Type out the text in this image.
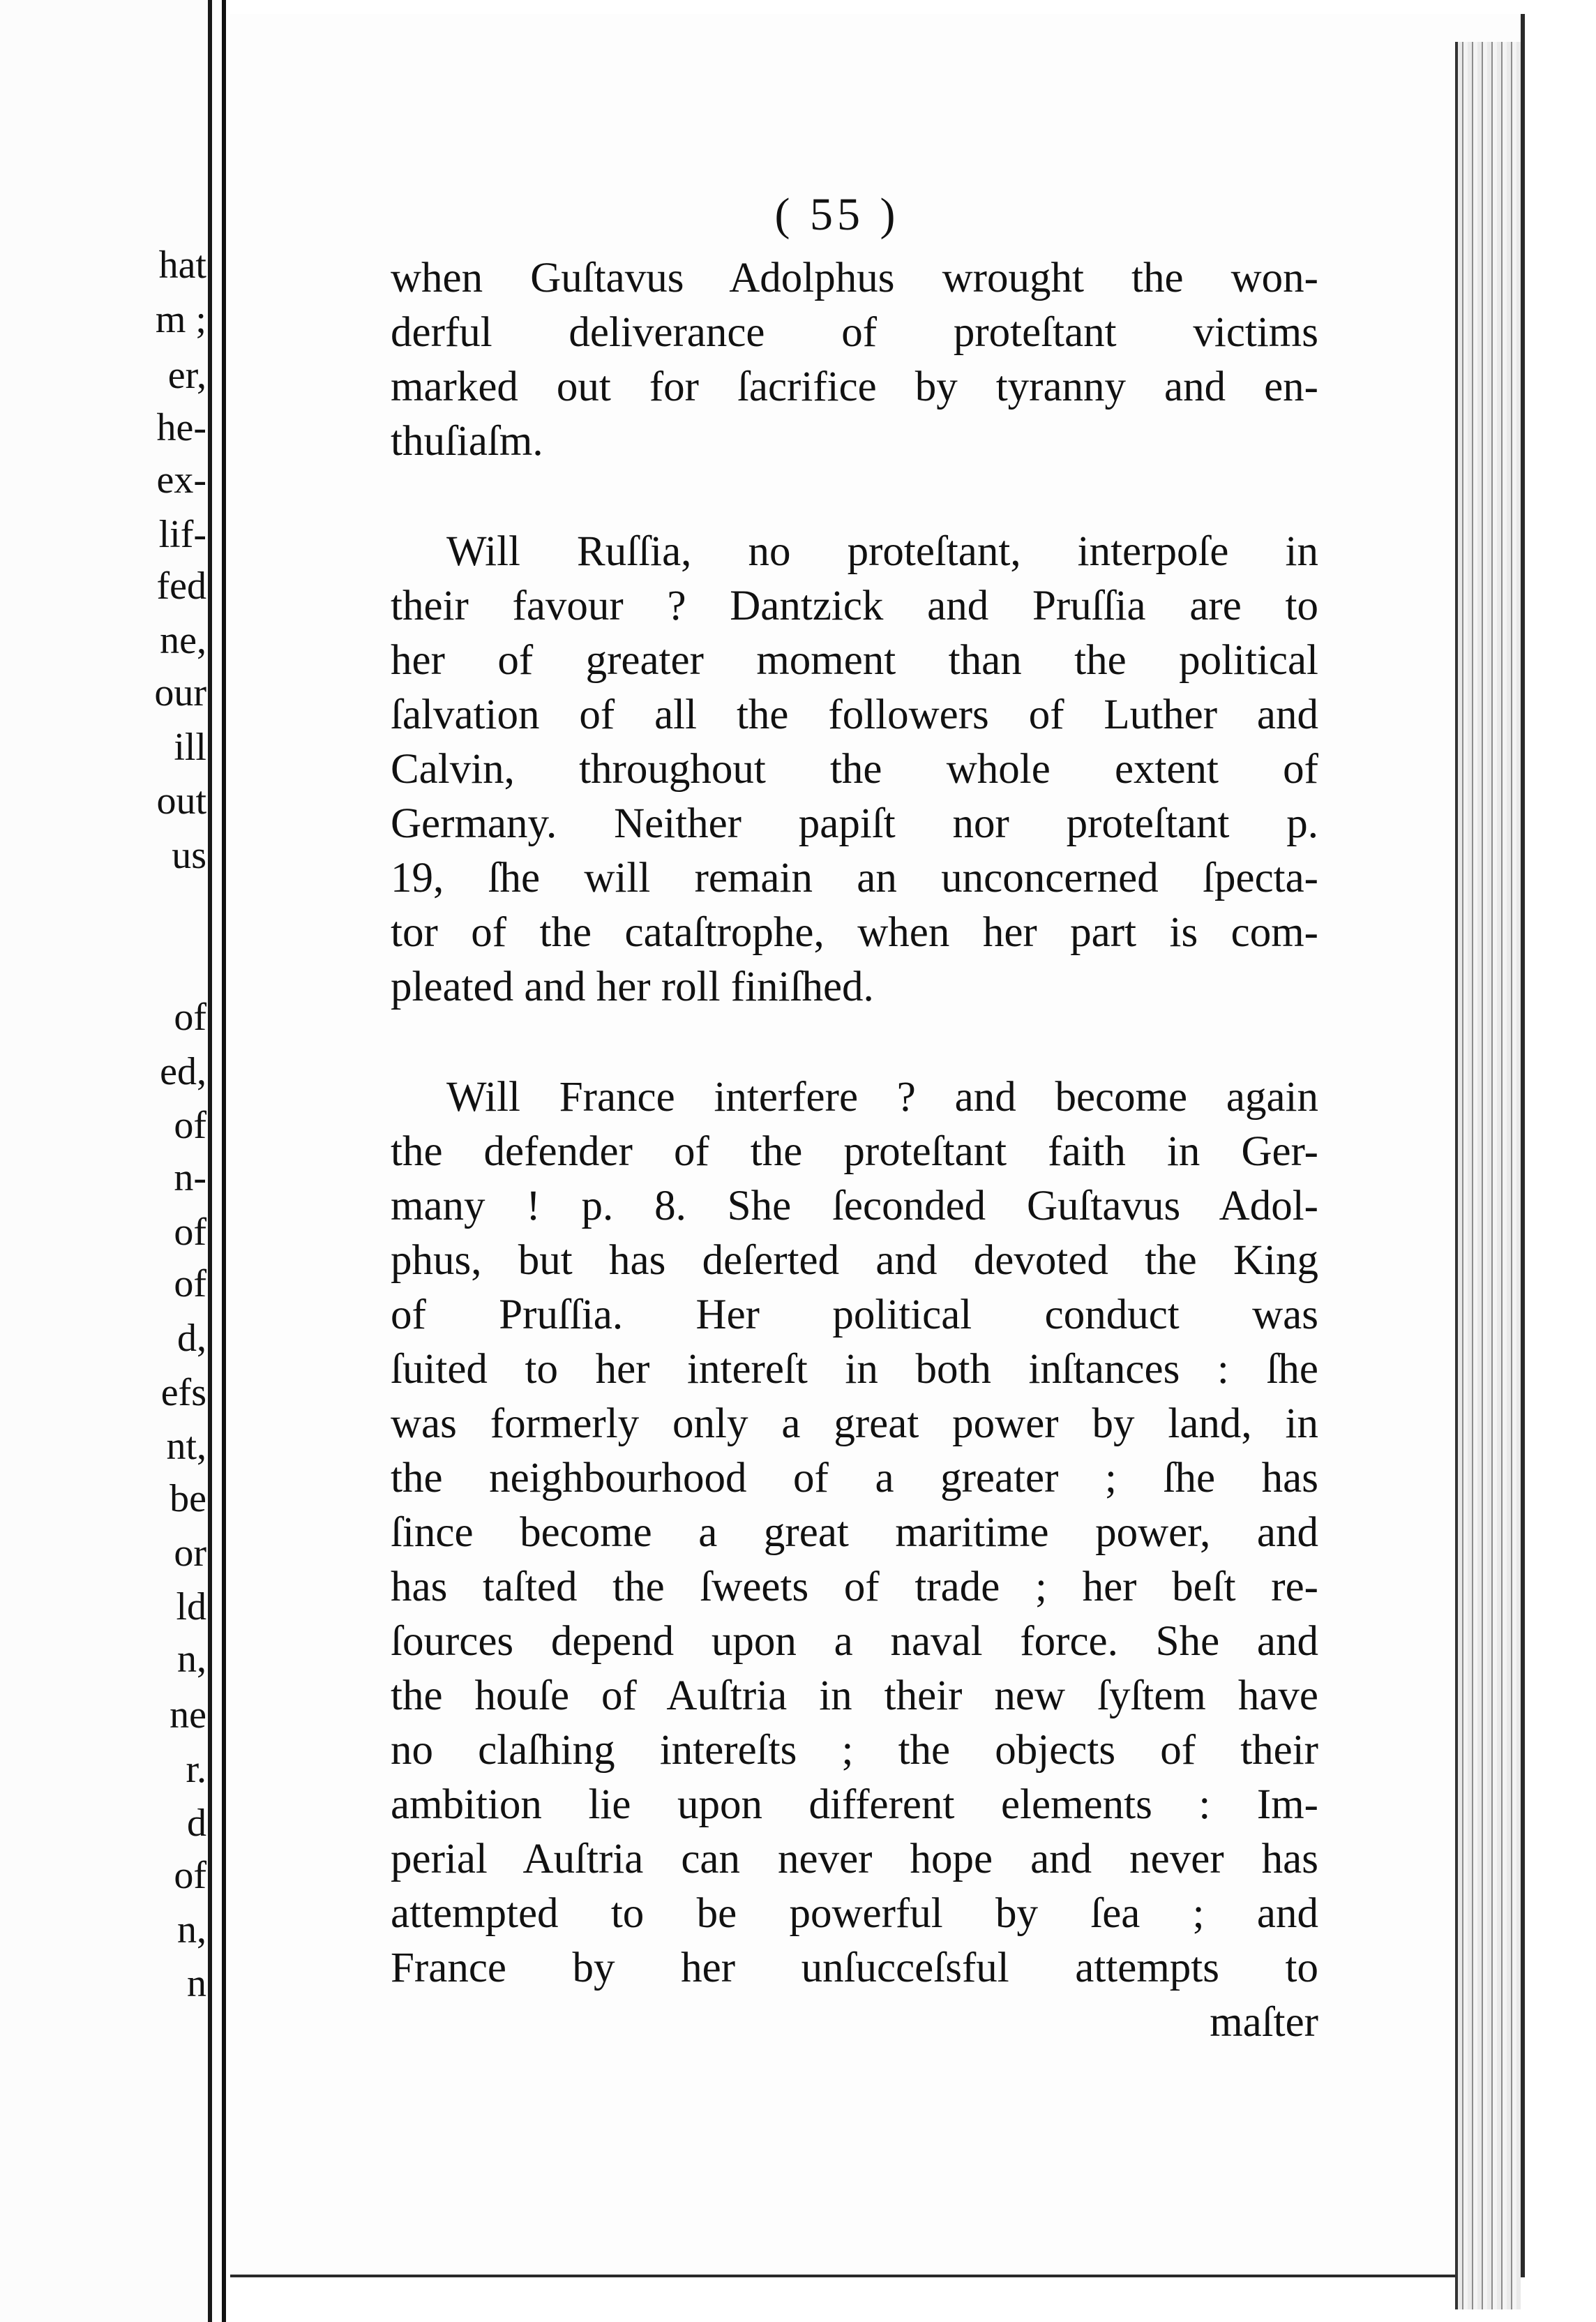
hat
m ;
er,
he-
ex-
lif-
fed
ne,
our
ill
out
us
of
ed,
of
n-
of
of
d,
efs
nt,
be
or
ld
n,
ne
r.
d
of
n,
n
( 55 )
when Guſtavus Adolphus wrought the won-
derful deliverance of proteſtant victims
marked out for ſacrifice by tyranny and en-
thuſiaſm.
Will Ruſſia, no proteſtant, interpoſe in
their favour ? Dantzick and Pruſſia are to
her of greater moment than the political
ſalvation of all the followers of Luther and
Calvin, throughout the whole extent of
Germany. Neither papiſt nor proteſtant p.
19, ſhe will remain an unconcerned ſpecta-
tor of the cataſtrophe, when her part is com-
pleated and her roll finiſhed.
Will France interfere ? and become again
the defender of the proteſtant faith in Ger-
many ! p. 8. She ſeconded Guſtavus Adol-
phus, but has deſerted and devoted the King
of Pruſſia. Her political conduct was
ſuited to her intereſt in both inſtances : ſhe
was formerly only a great power by land, in
the neighbourhood of a greater ; ſhe has
ſince become a great maritime power, and
has taſted the ſweets of trade ; her beſt re-
ſources depend upon a naval force. She and
the houſe of Auſtria in their new ſyſtem have
no claſhing intereſts ; the objects of their
ambition lie upon different elements : Im-
perial Auſtria can never hope and never has
attempted to be powerful by ſea ; and
France by her unſucceſsful attempts to
maſter
